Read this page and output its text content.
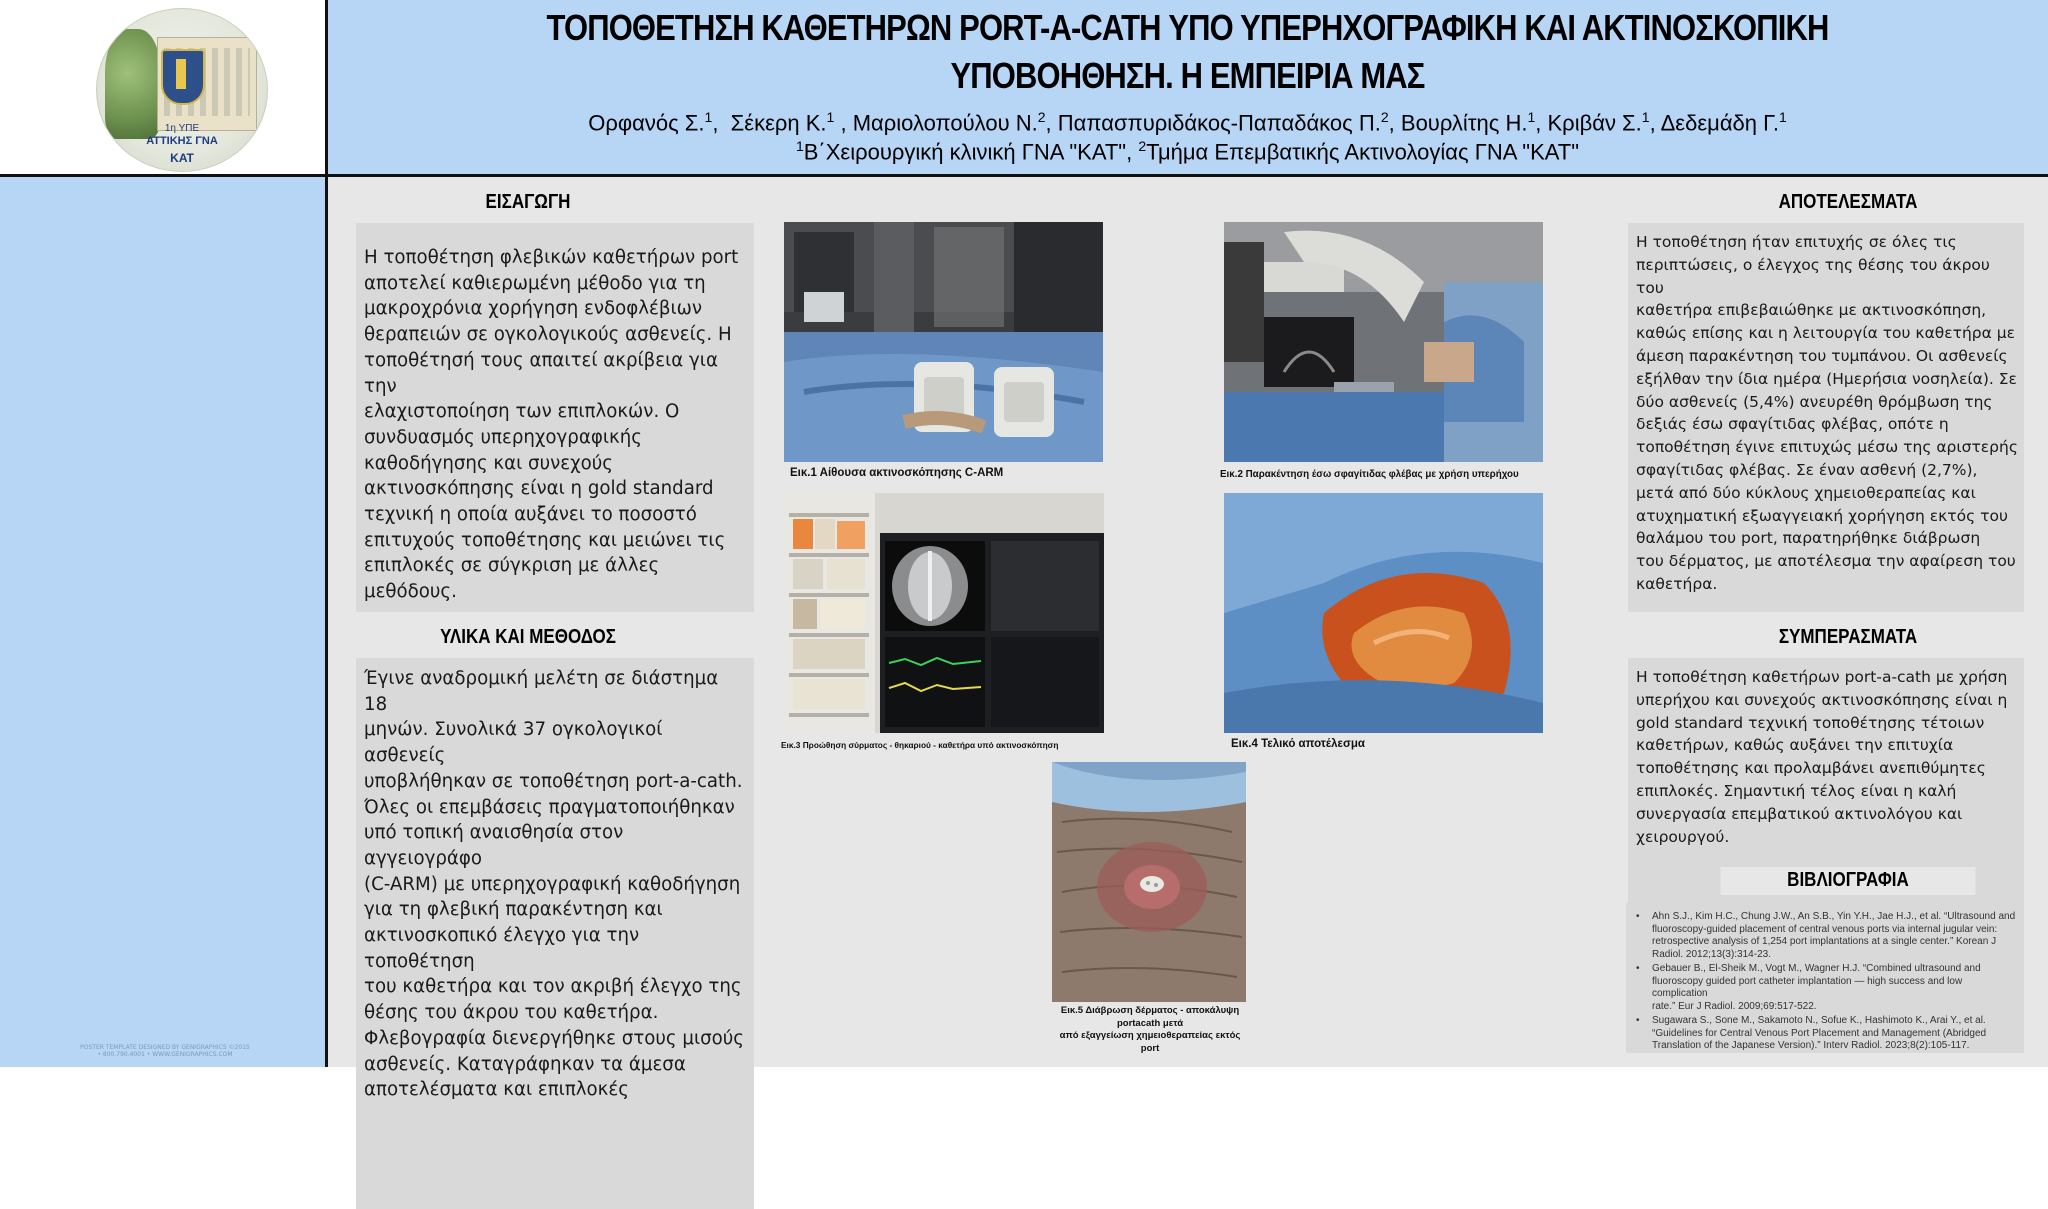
1η ΥΠΕ
ΑΤΤΙΚΗΣ ΓΝΑ
ΚΑΤ
ΤΟΠΟΘΕΤΗΣΗ ΚΑΘΕΤΗΡΩΝ PORT-A-CATH ΥΠΟ ΥΠΕΡΗΧΟΓΡΑΦΙΚΗ ΚΑΙ ΑΚΤΙΝΟΣΚΟΠΙΚΗ
ΥΠΟΒΟΗΘΗΣΗ. Η ΕΜΠΕΙΡΙΑ ΜΑΣ
Ορφανός Σ.$^1$,  Σέκερη Κ.$^1$ , Μαριολοπούλου Ν.$^2$, Παπασπυριδάκος-Παπαδάκος Π.$^2$, Βουρλίτης Η.$^1$, Κριβάν Σ.$^1$, Δεδεμάδη Γ.$^1$
$^1$Β΄Χειρουργική κλινική ΓΝΑ "ΚΑΤ", $^2$Τμήμα Επεμβατικής Ακτινολογίας ΓΝΑ "ΚΑΤ"
POSTER TEMPLATE DESIGNED BY GENIGRAPHICS ©2015 • 800.790.4001 • WWW.GENIGRAPHICS.COM
ΕΙΣΑΓΩΓΗ
Η τοποθέτηση φλεβικών καθετήρων port
αποτελεί καθιερωμένη μέθοδο για τη
μακροχρόνια χορήγηση ενδοφλέβιων
θεραπειών σε ογκολογικούς ασθενείς. Η
τοποθέτησή τους απαιτεί ακρίβεια για την
ελαχιστοποίηση των επιπλοκών. Ο
συνδυασμός υπερηχογραφικής
καθοδήγησης και συνεχούς
ακτινοσκόπησης είναι η gold standard
τεχνική η οποία αυξάνει το ποσοστό
επιτυχούς τοποθέτησης και μειώνει τις
επιπλοκές σε σύγκριση με άλλες μεθόδους.
ΥΛΙΚΑ ΚΑΙ ΜΕΘΟΔΟΣ
Έγινε αναδρομική μελέτη σε διάστημα 18
μηνών. Συνολικά 37 ογκολογικοί ασθενείς
υποβλήθηκαν σε τοποθέτηση port-a-cath.
Όλες οι επεμβάσεις πραγματοποιήθηκαν
υπό τοπική αναισθησία στον αγγειογράφο
(C-ARM) με υπερηχογραφική καθοδήγηση
για τη φλεβική παρακέντηση και
ακτινοσκοπικό έλεγχο για την τοποθέτηση
του καθετήρα και τον ακριβή έλεγχο της
θέσης του άκρου του καθετήρα.
Φλεβογραφία διενεργήθηκε στους μισούς
ασθενείς. Καταγράφηκαν τα άμεσα
αποτελέσματα και επιπλοκές
Εικ.1 Αίθουσα ακτινοσκόπησης C-ARM	Εικ.2 Παρακέντηση έσω σφαγίτιδας φλέβας με χρήση υπερήχου
Εικ.3 Προώθηση σύρματος - θηκαριού - καθετήρα υπό ακτινοσκόπηση	Εικ.4 Τελικό αποτέλεσμα
Εικ.5 Διάβρωση δέρματος - αποκάλυψη
portacath μετά
από εξαγγείωση χημειοθεραπείας εκτός
port
ΑΠΟΤΕΛΕΣΜΑΤΑ
Η τοποθέτηση ήταν επιτυχής σε όλες τις
περιπτώσεις, ο έλεγχος της θέσης του άκρου του
καθετήρα επιβεβαιώθηκε με ακτινοσκόπηση,
καθώς επίσης και η λειτουργία του καθετήρα με
άμεση παρακέντηση του τυμπάνου. Οι ασθενείς
εξήλθαν την ίδια ημέρα (Ημερήσια νοσηλεία). Σε
δύο ασθενείς (5,4%) ανευρέθη θρόμβωση της
δεξιάς έσω σφαγίτιδας φλέβας, οπότε η
τοποθέτηση έγινε επιτυχώς μέσω της αριστερής
σφαγίτιδας φλέβας. Σε έναν ασθενή (2,7%),
μετά από δύο κύκλους χημειοθεραπείας και
ατυχηματική εξωαγγειακή χορήγηση εκτός του
θαλάμου του port, παρατηρήθηκε διάβρωση
του δέρματος, με αποτέλεσμα την αφαίρεση του
καθετήρα.
ΣΥΜΠΕΡΑΣΜΑΤΑ
Η τοποθέτηση καθετήρων port-a-cath με χρήση
υπερήχου και συνεχούς ακτινοσκόπησης είναι η
gold standard τεχνική τοποθέτησης τέτοιων
καθετήρων, καθώς αυξάνει την επιτυχία
τοποθέτησης και προλαμβάνει ανεπιθύμητες
επιπλοκές. Σημαντική τέλος είναι η καλή
συνεργασία επεμβατικού ακτινολόγου και
χειρουργού.
ΒΙΒΛΙΟΓΡΑΦΙΑ
• Ahn S.J., Kim H.C., Chung J.W., An S.B., Yin Y.H., Jae H.J., et al. “Ultrasound and
fluoroscopy-guided placement of central venous ports via internal jugular vein:
retrospective analysis of 1,254 port implantations at a single center.” Korean J
Radiol. 2012;13(3):314-23.
• Gebauer B., El-Sheik M., Vogt M., Wagner H.J. “Combined ultrasound and
fluoroscopy guided port catheter implantation — high success and low complication
rate.” Eur J Radiol. 2009;69:517-522.
• Sugawara S., Sone M., Sakamoto N., Sofue K., Hashimoto K., Arai Y., et al.
“Guidelines for Central Venous Port Placement and Management (Abridged
Translation of the Japanese Version).” Interv Radiol. 2023;8(2):105-117.
